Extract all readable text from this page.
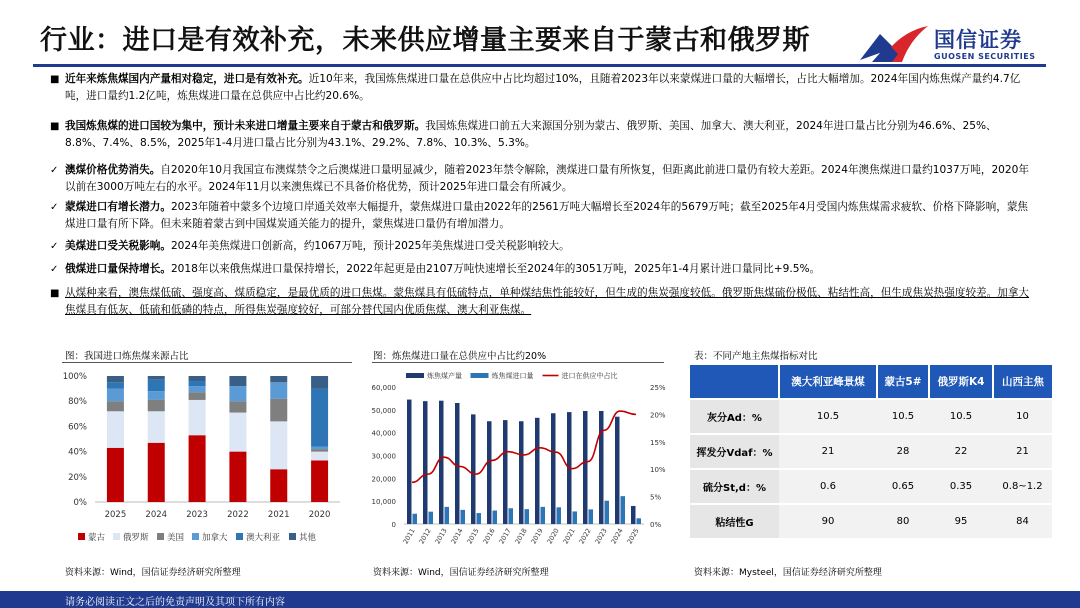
行业：进口是有效补充，未来供应增量主要来自于蒙古和俄罗斯	国信证券
GUOSEN SECURITIES
■ 近年来炼焦煤国内产量相对稳定，进口是有效补充。近10年来，我国炼焦煤进口量在总供应中占比均超过10%，且随着2023年以来蒙煤进口量的大幅增长，占比大幅增加。2024年国内炼焦煤产量约4.7亿吨，进口量约1.2亿吨，炼焦煤进口量在总供应中占比约20.6%。
■ 我国炼焦煤的进口国较为集中，预计未来进口增量主要来自于蒙古和俄罗斯。我国炼焦煤进口前五大来源国分别为蒙古、俄罗斯、美国、加拿大、澳大利亚，2024年进口量占比分别为46.6%、25%、8.8%、7.4%、8.5%，2025年1-4月进口量占比分别为43.1%、29.2%、7.8%、10.3%、5.3%。
✓ 澳煤价格优势消失。自2020年10月我国宣布澳煤禁令之后澳煤进口量明显减少，随着2023年禁令解除，澳煤进口量有所恢复，但距离此前进口量仍有较大差距。2024年澳焦煤进口量约1037万吨，2020年以前在3000万吨左右的水平。2024年11月以来澳焦煤已不具备价格优势，预计2025年进口量会有所减少。
✓ 蒙煤进口有增长潜力。2023年随着中蒙多个边境口岸通关效率大幅提升，蒙焦煤进口量由2022年的2561万吨大幅增长至2024年的5679万吨；截至2025年4月受国内炼焦煤需求疲软、价格下降影响，蒙焦煤进口量有所下降。但未来随着蒙古到中国煤炭通关能力的提升，蒙焦煤进口量仍有增加潜力。
✓ 美煤进口受关税影响。2024年美焦煤进口创新高，约1067万吨，预计2025年美焦煤进口受关税影响较大。
✓ 俄煤进口量保持增长。2018年以来俄焦煤进口量保持增长，2022年起更是由2107万吨快速增长至2024年的3051万吨，2025年1-4月累计进口量同比+9.5%。
■ 从煤种来看，澳焦煤低硫、强度高、煤质稳定，是最优质的进口焦煤。蒙焦煤具有低硫特点，单种煤结焦性能较好，但生成的焦炭强度较低。俄罗斯焦煤硫份极低、粘结性高，但生成焦炭热强度较差。加拿大焦煤具有低灰、低硫和低磷的特点，所得焦炭强度较好，可部分替代国内优质焦煤、澳大利亚焦煤。
图：我国进口炼焦煤来源占比	图：炼焦煤进口量在总供应中占比约20%	表：不同产地主焦煤指标对比
0%
20%
40%
60%
80%
100%
2025 2024 2023 2022 2021 2020
蒙古 俄罗斯 美国 加拿大 澳大利亚 其他
0
10,000
20,000
30,000
40,000
50,000
60,000
0%
5%
10%
15%
20%
25%
2011 2012 2013 2014 2015 2016 2017 2018 2019 2020 2021 2022 2023 2024 2025
炼焦煤产量	炼焦煤进口量	进口在供应中占比
		澳大利亚峰景煤	蒙古5#	俄罗斯K4	山西主焦
灰分Ad：%	10.5	10.5	10.5	10
挥发分Vdaf：%	21	28	22	21
硫分St,d：%	0.6	0.65	0.35	0.8~1.2
粘结性G	90	80	95	84
资料来源：Wind，国信证券经济研究所整理	资料来源：Wind，国信证券经济研究所整理	资料来源：Mysteel，国信证券经济研究所整理
请务必阅读正文之后的免责声明及其项下所有内容
